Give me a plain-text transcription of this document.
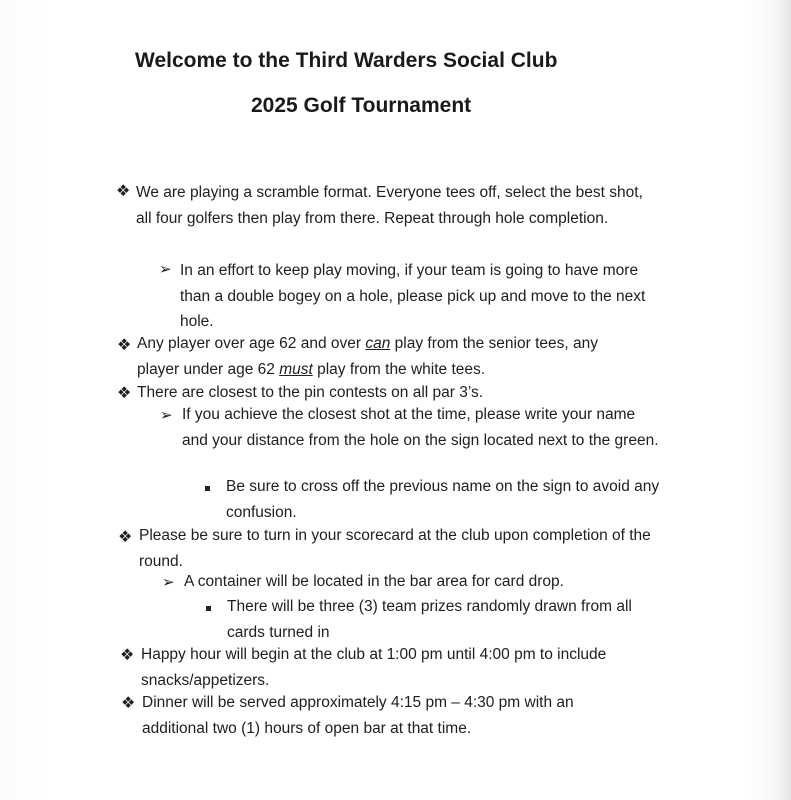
Welcome to the Third Warders Social Club
2025 Golf Tournament
❖ We are playing a scramble format. Everyone tees off, select the best shot, all four golfers then play from there. Repeat through hole completion.
➢ In an effort to keep play moving, if your team is going to have more than a double bogey on a hole, please pick up and move to the next hole.
❖ Any player over age 62 and over can play from the senior tees, any player under age 62 must play from the white tees.
❖ There are closest to the pin contests on all par 3’s.
➢ If you achieve the closest shot at the time, please write your name and your distance from the hole on the sign located next to the green.
Be sure to cross off the previous name on the sign to avoid any confusion.
❖ Please be sure to turn in your scorecard at the club upon completion of the round.
➢ A container will be located in the bar area for card drop.
There will be three (3) team prizes randomly drawn from all cards turned in
❖ Happy hour will begin at the club at 1:00 pm until 4:00 pm to include snacks/appetizers.
❖ Dinner will be served approximately 4:15 pm – 4:30 pm with an additional two (1) hours of open bar at that time.
